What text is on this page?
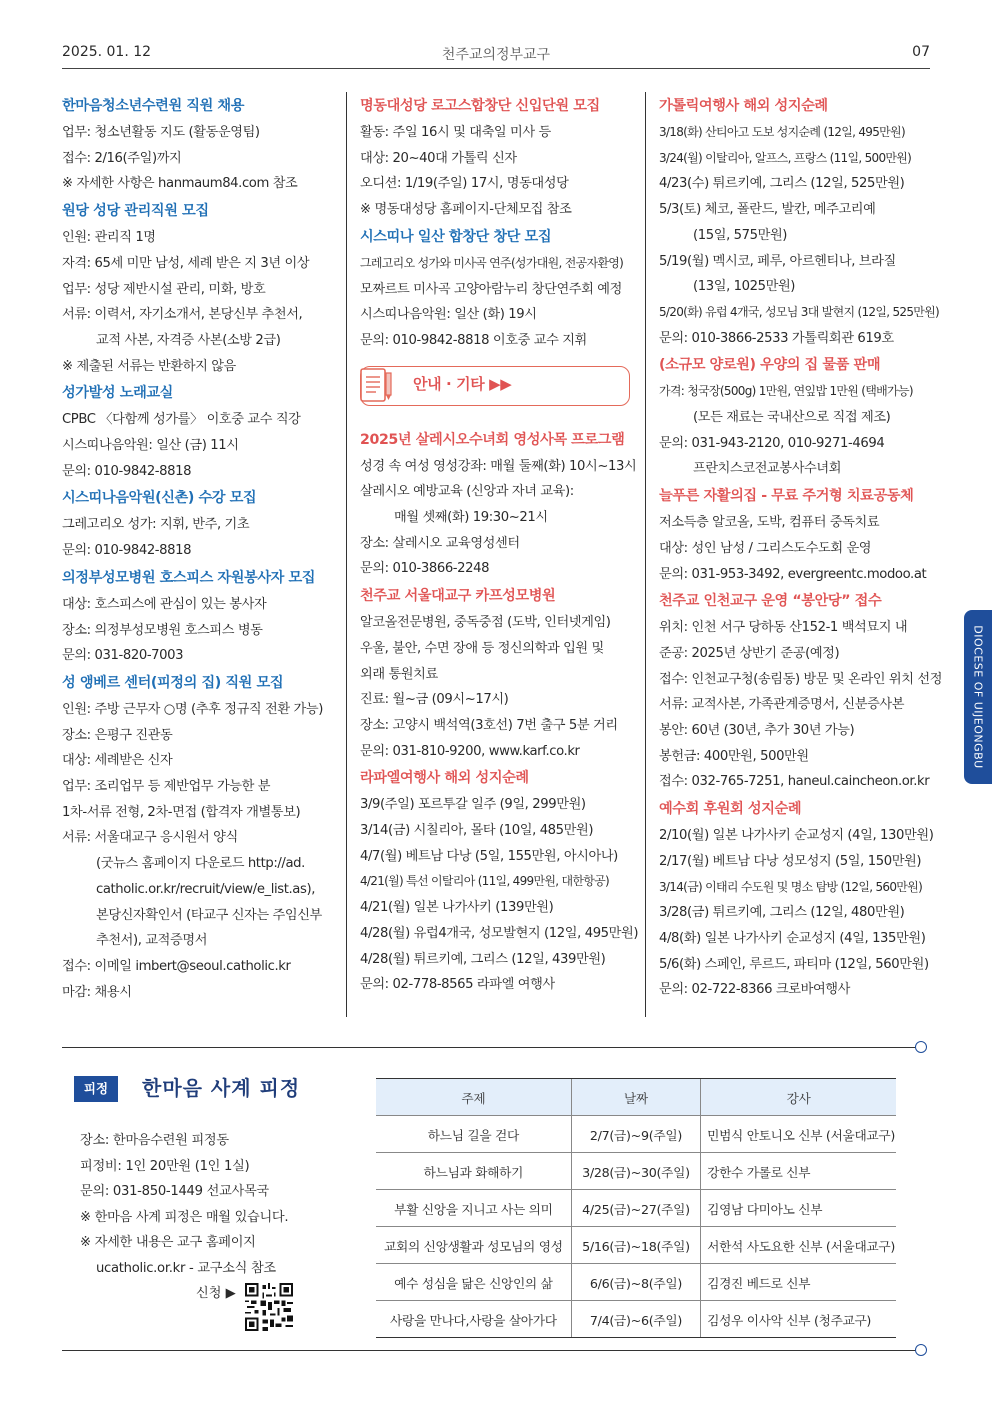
2025. 01. 12	천주교의정부교구	07
한마음청소년수련원 직원 채용
업무: 청소년활동 지도 (활동운영팀)
접수: 2/16(주일)까지
※ 자세한 사항은 hanmaum84.com 참조
원당 성당 관리직원 모집
인원: 관리직 1명
자격: 65세 미만 남성, 세례 받은 지 3년 이상
업무: 성당 제반시설 관리, 미화, 방호
서류: 이력서, 자기소개서, 본당신부 추천서,
교적 사본, 자격증 사본(소방 2급)
※ 제출된 서류는 반환하지 않음
성가발성 노래교실
CPBC 〈다함께 성가를〉 이호중 교수 직강
시스띠나음악원: 일산 (금) 11시
문의: 010-9842-8818
시스띠나음악원(신촌) 수강 모집
그레고리오 성가: 지휘, 반주, 기초
문의: 010-9842-8818
의정부성모병원 호스피스 자원봉사자 모집
대상: 호스피스에 관심이 있는 봉사자
장소: 의정부성모병원 호스피스 병동
문의: 031-820-7003
성 앵베르 센터(피정의 집) 직원 모집
인원: 주방 근무자 ○명 (추후 정규직 전환 가능)
장소: 은평구 진관동
대상: 세례받은 신자
업무: 조리업무 등 제반업무 가능한 분
1차-서류 전형, 2차-면접 (합격자 개별통보)
서류: 서울대교구 응시원서 양식
(굿뉴스 홈페이지 다운로드 http://ad.
catholic.or.kr/recruit/view/e_list.as),
본당신자확인서 (타교구 신자는 주임신부
추천서), 교적증명서
접수: 이메일 imbert@seoul.catholic.kr
마감: 채용시
명동대성당 로고스합창단 신입단원 모집
활동: 주일 16시 및 대축일 미사 등
대상: 20~40대 가톨릭 신자
오디션: 1/19(주일) 17시, 명동대성당
※ 명동대성당 홈페이지-단체모집 참조
시스띠나 일산 합창단 창단 모집
그레고리오 성가와 미사곡 연주(성가대원, 전공자환영)
모짜르트 미사곡 고양아람누리 창단연주회 예정
시스띠나음악원: 일산 (화) 19시
문의: 010-9842-8818 이호중 교수 지휘
안내 · 기타 ▶▶
2025년 살레시오수녀회 영성사목 프로그램
성경 속 여성 영성강좌: 매월 둘째(화) 10시~13시
살레시오 예방교육 (신앙과 자녀 교육):
매월 셋째(화) 19:30~21시
장소: 살레시오 교육영성센터
문의: 010-3866-2248
천주교 서울대교구 카프성모병원
알코올전문병원, 중독중점 (도박, 인터넷게임)
우울, 불안, 수면 장애 등 정신의학과 입원 및
외래 통원치료
진료: 월~금 (09시~17시)
장소: 고양시 백석역(3호선) 7번 출구 5분 거리
문의: 031-810-9200, www.karf.co.kr
라파엘여행사 해외 성지순례
3/9(주일) 포르투갈 일주 (9일, 299만원)
3/14(금) 시칠리아, 몰타 (10일, 485만원)
4/7(월) 베트남 다낭 (5일, 155만원, 아시아나)
4/21(월) 특선 이탈리아 (11일, 499만원, 대한항공)
4/21(월) 일본 나가사키 (139만원)
4/28(월) 유럽4개국, 성모발현지 (12일, 495만원)
4/28(월) 튀르키예, 그리스 (12일, 439만원)
문의: 02-778-8565 라파엘 여행사
가톨릭여행사 해외 성지순례
3/18(화) 산티아고 도보 성지순례 (12일, 495만원)
3/24(월) 이탈리아, 알프스, 프랑스 (11일, 500만원)
4/23(수) 튀르키예, 그리스 (12일, 525만원)
5/3(토) 체코, 폴란드, 발칸, 메주고리예
(15일, 575만원)
5/19(월) 멕시코, 페루, 아르헨티나, 브라질
(13일, 1025만원)
5/20(화) 유럽 4개국, 성모님 3대 발현지 (12일, 525만원)
문의: 010-3866-2533 가톨릭회관 619호
(소규모 양로원) 우양의 집 물품 판매
가격: 청국장(500g) 1만원, 연잎밥 1만원 (택배가능)
(모든 재료는 국내산으로 직접 제조)
문의: 031-943-2120, 010-9271-4694
프란치스코전교봉사수녀회
늘푸른 자활의집 - 무료 주거형 치료공동체
저소득층 알코올, 도박, 컴퓨터 중독치료
대상: 성인 남성 / 그리스도수도회 운영
문의: 031-953-3492, evergreentc.modoo.at
천주교 인천교구 운영 “봉안당” 접수
위치: 인천 서구 당하동 산152-1 백석묘지 내
준공: 2025년 상반기 준공(예정)
접수: 인천교구청(송림동) 방문 및 온라인 위치 선정
서류: 교적사본, 가족관계증명서, 신분증사본
봉안: 60년 (30년, 추가 30년 가능)
봉헌금: 400만원, 500만원
접수: 032-765-7251, haneul.caincheon.or.kr
예수회 후원회 성지순례
2/10(월) 일본 나가사키 순교성지 (4일, 130만원)
2/17(월) 베트남 다낭 성모성지 (5일, 150만원)
3/14(금) 이태리 수도원 및 명소 탐방 (12일, 560만원)
3/28(금) 튀르키예, 그리스 (12일, 480만원)
4/8(화) 일본 나가사키 순교성지 (4일, 135만원)
5/6(화) 스페인, 루르드, 파티마 (12일, 560만원)
문의: 02-722-8366 크로바여행사
DIOCESE OF UIJEONGBU
피정	한마음 사계 피정
장소: 한마음수련원 피정동
피정비: 1인 20만원 (1인 1실)
문의: 031-850-1449 선교사목국
※ 한마음 사계 피정은 매월 있습니다.
※ 자세한 내용은 교구 홈페이지
ucatholic.or.kr - 교구소식 참조
신청 ▶
주제	날짜	강사
하느님 길을 걷다	2/7(금)~9(주일)	민범식 안토니오 신부 (서울대교구)
하느님과 화해하기	3/28(금)~30(주일)	강한수 가롤로 신부
부활 신앙을 지니고 사는 의미	4/25(금)~27(주일)	김영남 다미아노 신부
교회의 신앙생활과 성모님의 영성	5/16(금)~18(주일)	서한석 사도요한 신부 (서울대교구)
예수 성심을 닮은 신앙인의 삶	6/6(금)~8(주일)	김경진 베드로 신부
사랑을 만나다,사랑을 살아가다	7/4(금)~6(주일)	김성우 이사악 신부 (청주교구)
